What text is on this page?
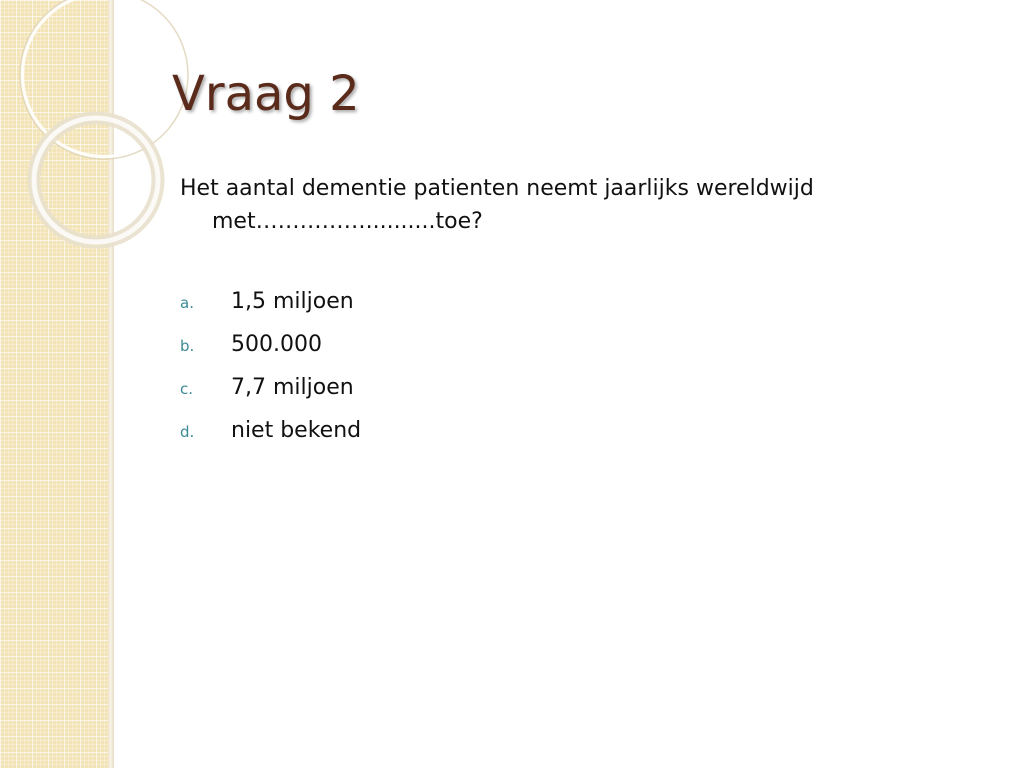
Vraag 2

Het aantal dementie patienten neemt jaarlijks wereldwijd met……………..........toe?

a.	1,5 miljoen
b.	500.000
c.	7,7 miljoen
d.	niet bekend
